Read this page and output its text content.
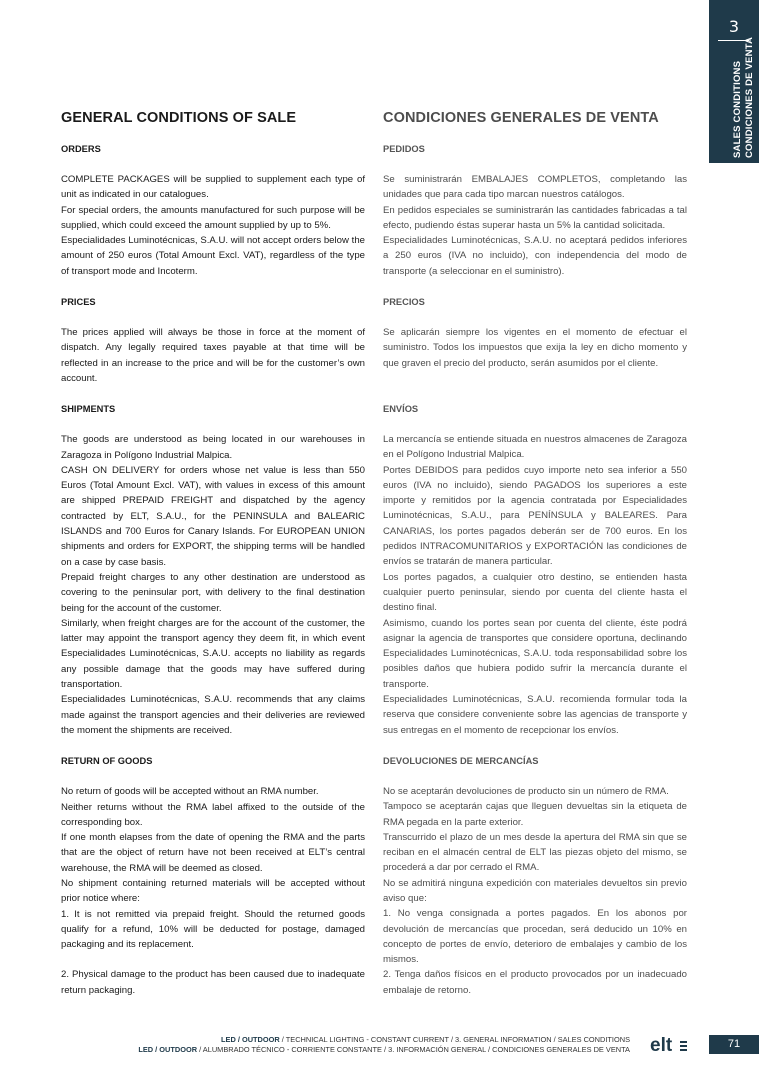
3
SALES CONDITIONS CONDICIONES DE VENTA
GENERAL CONDITIONS OF SALE
ORDERS

COMPLETE PACKAGES will be supplied to supplement each type of unit as indicated in our catalogues.

For special orders, the amounts manufactured for such purpose will be supplied, which could exceed the amount supplied by up to 5%.

Especialidades Luminotécnicas, S.A.U. will not accept orders below the amount of 250 euros (Total Amount Excl. VAT), regardless of the type of transport mode and Incoterm.

PRICES

The prices applied will always be those in force at the moment of dispatch. Any legally required taxes payable at that time will be reflected in an increase to the price and will be for the customer’s own account.

SHIPMENTS

The goods are understood as being located in our warehouses in Zaragoza in Polígono Industrial Malpica.

CASH ON DELIVERY for orders whose net value is less than 550 Euros (Total Amount Excl. VAT), with values in excess of this amount are shipped PREPAID FREIGHT and dispatched by the agency contracted by ELT, S.A.U., for the PENINSULA and BALEARIC ISLANDS and 700 Euros for Canary Islands. For EUROPEAN UNION shipments and orders for EXPORT, the shipping terms will be handled on a case by case basis.

Prepaid freight charges to any other destination are understood as covering to the peninsular port, with delivery to the final destination being for the account of the customer.

Similarly, when freight charges are for the account of the customer, the latter may appoint the transport agency they deem fit, in which event Especialidades Luminotécnicas, S.A.U. accepts no liability as regards any possible damage that the goods may have suffered during transportation.

Especialidades Luminotécnicas, S.A.U. recommends that any claims made against the transport agencies and their deliveries are reviewed the moment the shipments are received.

RETURN OF GOODS

No return of goods will be accepted without an RMA number.

Neither returns without the RMA label affixed to the outside of the corresponding box.

If one month elapses from the date of opening the RMA and the parts that are the object of return have not been received at ELT’s central warehouse, the RMA will be deemed as closed.

No shipment containing returned materials will be accepted without prior notice where:

1. It is not remitted via prepaid freight. Should the returned goods qualify for a refund, 10% will be deducted for postage, damaged packaging and its replacement.

2. Physical damage to the product has been caused due to inadequate return packaging.

CONDICIONES GENERALES DE VENTA
PEDIDOS

Se suministrarán EMBALAJES COMPLETOS, completando las unidades que para cada tipo marcan nuestros catálogos.

En pedidos especiales se suministrarán las cantidades fabricadas a tal efecto, pudiendo éstas superar hasta un 5% la cantidad solicitada.

Especialidades Luminotécnicas, S.A.U. no aceptará pedidos inferiores a 250 euros (IVA no incluido), con independencia del modo de transporte (a seleccionar en el suministro).

PRECIOS

Se aplicarán siempre los vigentes en el momento de efectuar el suministro. Todos los impuestos que exija la ley en dicho momento y que graven el precio del producto, serán asumidos por el cliente.

ENVÍOS

La mercancía se entiende situada en nuestros almacenes de Zaragoza en el Polígono Industrial Malpica.

Portes DEBIDOS para pedidos cuyo importe neto sea inferior a 550 euros (IVA no incluido), siendo PAGADOS los superiores a este importe y remitidos por la agencia contratada por Especialidades Luminotécnicas, S.A.U., para PENÍNSULA y BALEARES. Para CANARIAS, los portes pagados deberán ser de 700 euros. En los pedidos INTRACOMUNITARIOS y EXPORTACIÓN las condiciones de envíos se tratarán de manera particular.

Los portes pagados, a cualquier otro destino, se entienden hasta cualquier puerto peninsular, siendo por cuenta del cliente hasta el destino final.

Asimismo, cuando los portes sean por cuenta del cliente, éste podrá asignar la agencia de transportes que considere oportuna, declinando Especialidades Luminotécnicas, S.A.U. toda responsabilidad sobre los posibles daños que hubiera podido sufrir la mercancía durante el transporte.

Especialidades Luminotécnicas, S.A.U. recomienda formular toda la reserva que considere conveniente sobre las agencias de transporte y sus entregas en el momento de recepcionar los envíos.

DEVOLUCIONES DE MERCANCÍAS

No se aceptarán devoluciones de producto sin un número de RMA.

Tampoco se aceptarán cajas que lleguen devueltas sin la etiqueta de RMA pegada en la parte exterior.

Transcurrido el plazo de un mes desde la apertura del RMA sin que se reciban en el almacén central de ELT las piezas objeto del mismo, se procederá a dar por cerrado el RMA.

No se admitirá ninguna expedición con materiales devueltos sin previo aviso que:

1. No venga consignada a portes pagados. En los abonos por devolución de mercancías que procedan, será deducido un 10% en concepto de portes de envío, deterioro de embalajes y cambio de los mismos.

2. Tenga daños físicos en el producto provocados por un inadecuado embalaje de retorno.

LED / OUTDOOR / TECHNICAL LIGHTING - CONSTANT CURRENT / 3. GENERAL INFORMATION / SALES CONDITIONS
LED / OUTDOOR / ALUMBRADO TÉCNICO - CORRIENTE CONSTANTE / 3. INFORMACIÓN GENERAL / CONDICIONES GENERALES DE VENTA elt	71
